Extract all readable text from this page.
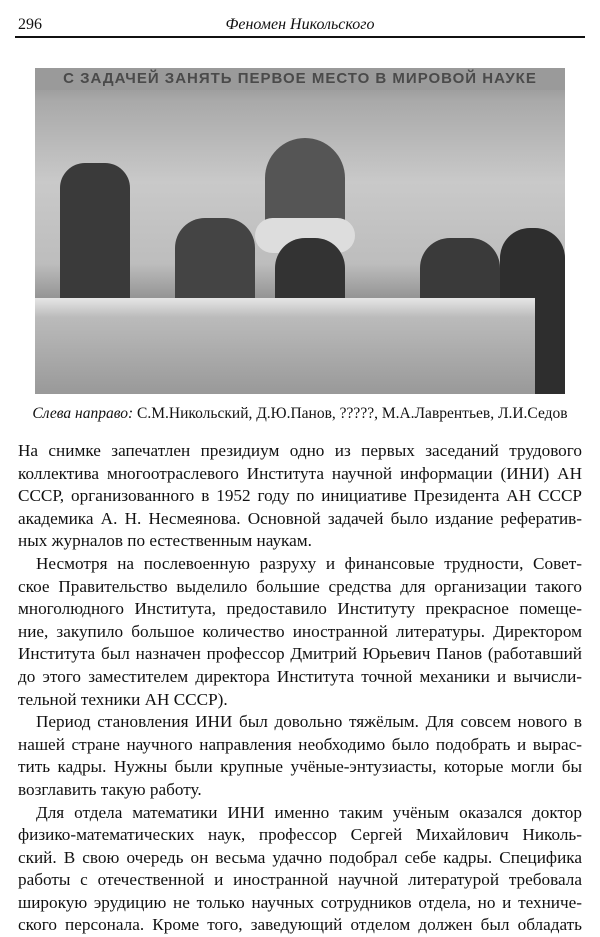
296	Феномен Никольского
С ЗАДАЧЕЙ ЗАНЯТЬ ПЕРВОЕ МЕСТО В МИРОВОЙ НАУКЕ
Слева направо: С.М.Никольский, Д.Ю.Панов, ?????, М.А.Лаврентьев, Л.И.Седов
На снимке запечатлен президиум одно из первых заседаний трудового
коллектива многоотраслевого Института научной информации (ИНИ) АН
СССР, организованного в 1952 году по инициативе Президента АН СССР
академика А. Н. Несмеянова. Основной задачей было издание рефератив-
ных журналов по естественным наукам.
Несмотря на послевоенную разруху и финансовые трудности, Совет-
ское Правительство выделило большие средства для организации такого
многолюдного Института, предоставило Институту прекрасное помеще-
ние, закупило большое количество иностранной литературы. Директором
Института был назначен профессор Дмитрий Юрьевич Панов (работавший
до этого заместителем директора Института точной механики и вычисли-
тельной техники АН СССР).
Период становления ИНИ был довольно тяжёлым. Для совсем нового в
нашей стране научного направления необходимо было подобрать и вырас-
тить кадры. Нужны были крупные учёные-энтузиасты, которые могли бы
возглавить такую работу.
Для отдела математики ИНИ именно таким учёным оказался доктор
физико-математических наук, профессор Сергей Михайлович Николь-
ский. В свою очередь он весьма удачно подобрал себе кадры. Специфика
работы с отечественной и иностранной научной литературой требовала
широкую эрудицию не только научных сотрудников отдела, но и техниче-
ского персонала. Кроме того, заведующий отделом должен был обладать
